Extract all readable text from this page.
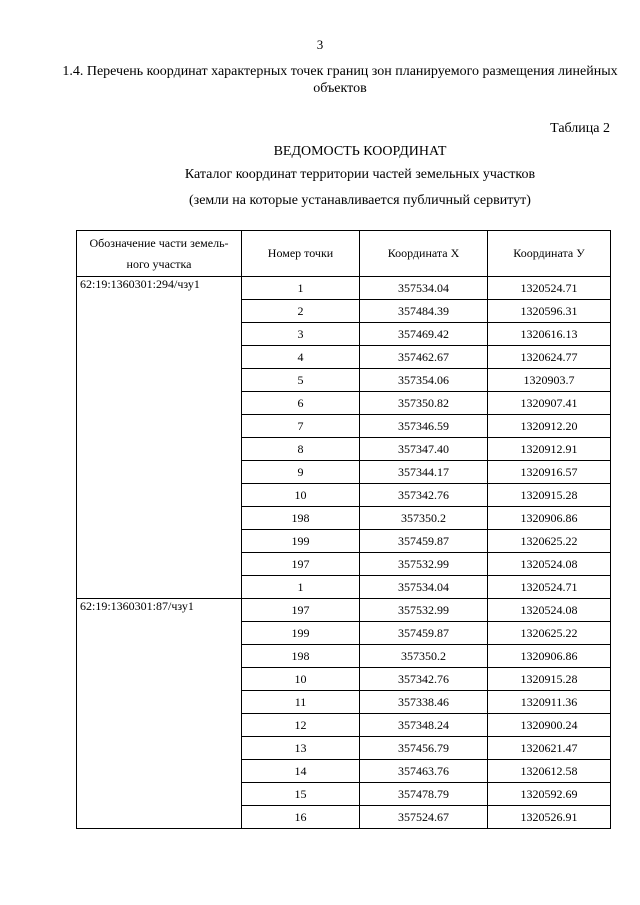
3
1.4. Перечень координат характерных точек границ зон планируемого размещения линейных объектов
Таблица 2
ВЕДОМОСТЬ КООРДИНАТ
Каталог координат территории частей земельных участков
(земли на которые устанавливается публичный сервитут)
Обозначение части земель-ного участка	Номер точки	Координата Х	Координата У
62:19:1360301:294/чзу1	1	357534.04	1320524.71
	2	357484.39	1320596.31
	3	357469.42	1320616.13
	4	357462.67	1320624.77
	5	357354.06	1320903.7
	6	357350.82	1320907.41
	7	357346.59	1320912.20
	8	357347.40	1320912.91
	9	357344.17	1320916.57
	10	357342.76	1320915.28
	198	357350.2	1320906.86
	199	357459.87	1320625.22
	197	357532.99	1320524.08
	1	357534.04	1320524.71
62:19:1360301:87/чзу1	197	357532.99	1320524.08
	199	357459.87	1320625.22
	198	357350.2	1320906.86
	10	357342.76	1320915.28
	11	357338.46	1320911.36
	12	357348.24	1320900.24
	13	357456.79	1320621.47
	14	357463.76	1320612.58
	15	357478.79	1320592.69
	16	357524.67	1320526.91
